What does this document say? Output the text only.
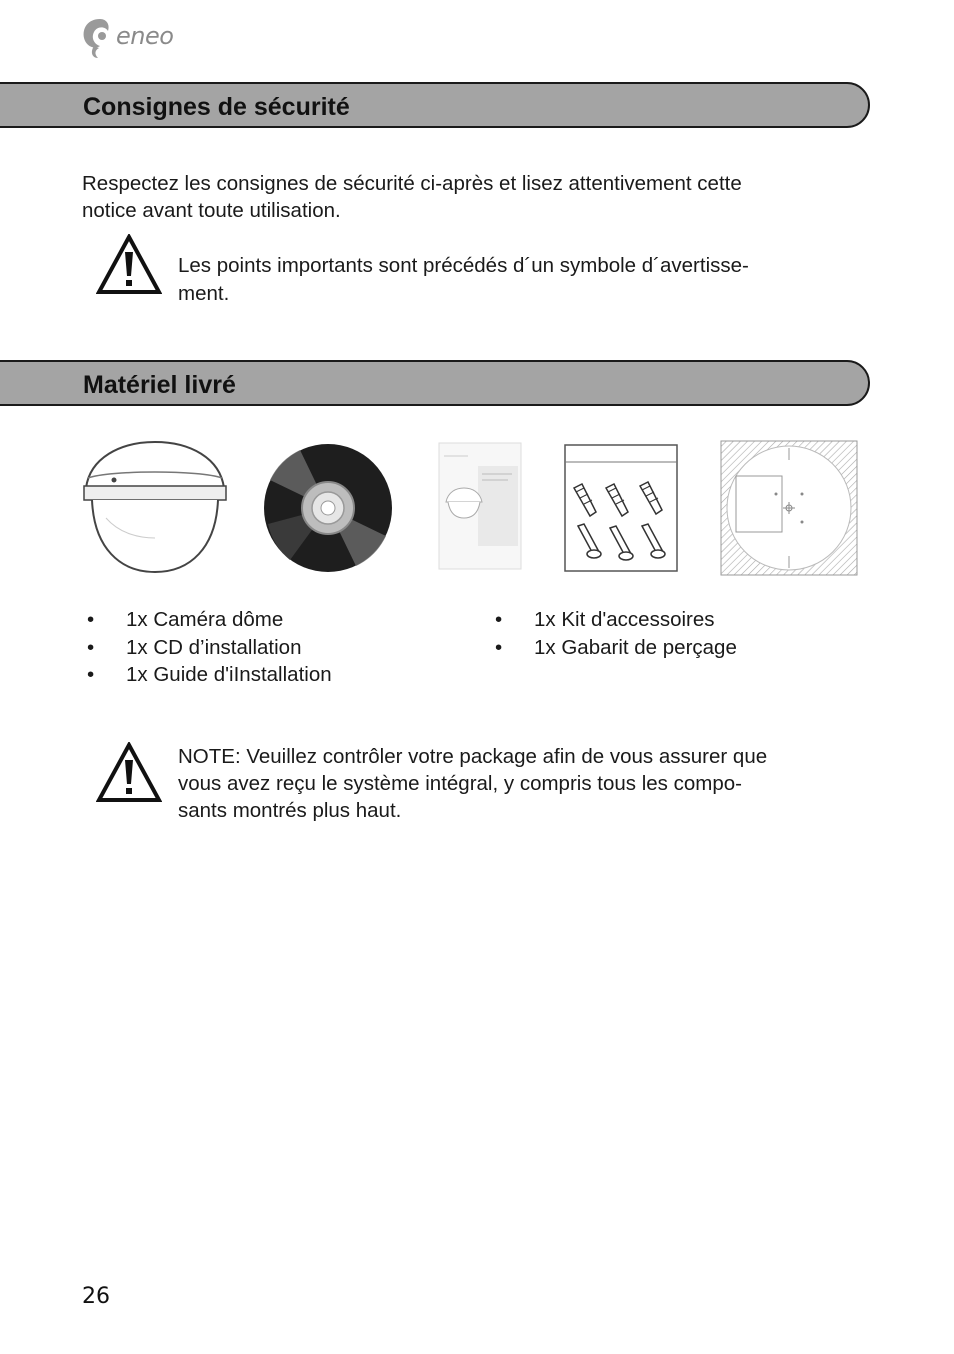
eneo
Consignes de sécurité

Respectez les consignes de sécurité ci-après et lisez attentivement cette

notice avant toute utilisation.

Les points importants sont précédés d´un symbole d´avertisse-

ment.

Matériel livré
• 1x Caméra dôme
• 1x CD d’installation
• 1x Guide d'iInstallation
• 1x Kit d'accessoires
• 1x Gabarit de perçage

NOTE: Veuillez contrôler votre package afin de vous assurer que

vous avez reçu le système intégral, y compris tous les compo-

sants montrés plus haut.

26
